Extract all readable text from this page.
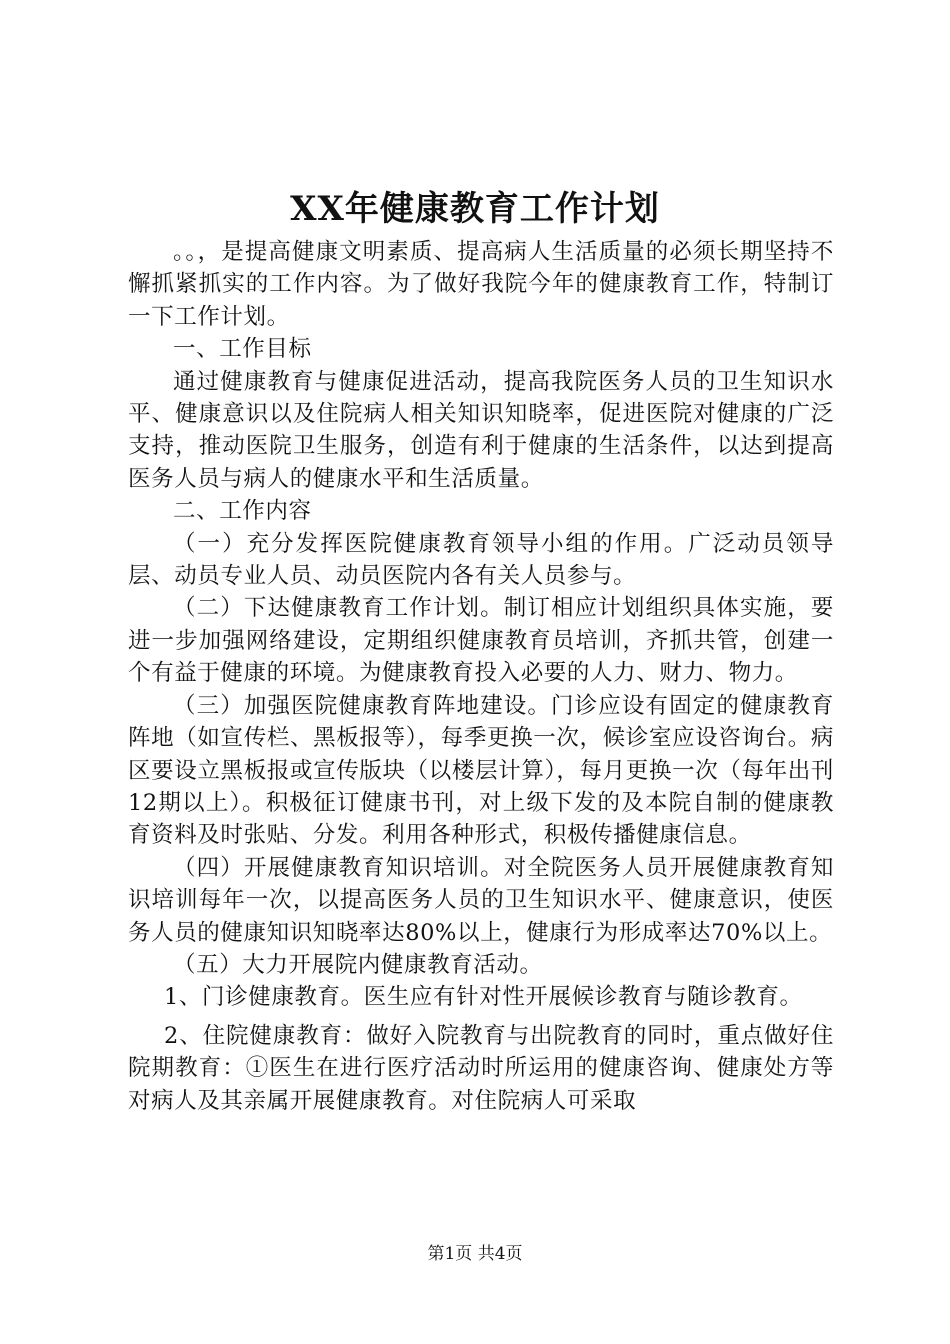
XX年健康教育工作计划

。。，是提高健康文明素质、提高病人生活质量的必须长期坚持不懈抓紧抓实的工作内容。为了做好我院今年的健康教育工作，特制订一下工作计划。

一、工作目标

通过健康教育与健康促进活动，提高我院医务人员的卫生知识水平、健康意识以及住院病人相关知识知晓率，促进医院对健康的广泛支持，推动医院卫生服务，创造有利于健康的生活条件，以达到提高医务人员与病人的健康水平和生活质量。

二、工作内容

（一）充分发挥医院健康教育领导小组的作用。广泛动员领导层、动员专业人员、动员医院内各有关人员参与。

（二）下达健康教育工作计划。制订相应计划组织具体实施，要进一步加强网络建设，定期组织健康教育员培训，齐抓共管，创建一个有益于健康的环境。为健康教育投入必要的人力、财力、物力。

（三）加强医院健康教育阵地建设。门诊应设有固定的健康教育阵地（如宣传栏、黑板报等），每季更换一次，候诊室应设咨询台。病区要设立黑板报或宣传版块（以楼层计算），每月更换一次（每年出刊12期以上）。积极征订健康书刊，对上级下发的及本院自制的健康教育资料及时张贴、分发。利用各种形式，积极传播健康信息。

（四）开展健康教育知识培训。对全院医务人员开展健康教育知识培训每年一次，以提高医务人员的卫生知识水平、健康意识，使医务人员的健康知识知晓率达80%以上，健康行为形成率达70%以上。

（五）大力开展院内健康教育活动。

1、门诊健康教育。医生应有针对性开展候诊教育与随诊教育。

2、住院健康教育：做好入院教育与出院教育的同时，重点做好住院期教育：①医生在进行医疗活动时所运用的健康咨询、健康处方等对病人及其亲属开展健康教育。对住院病人可采取

第1页 共4页
